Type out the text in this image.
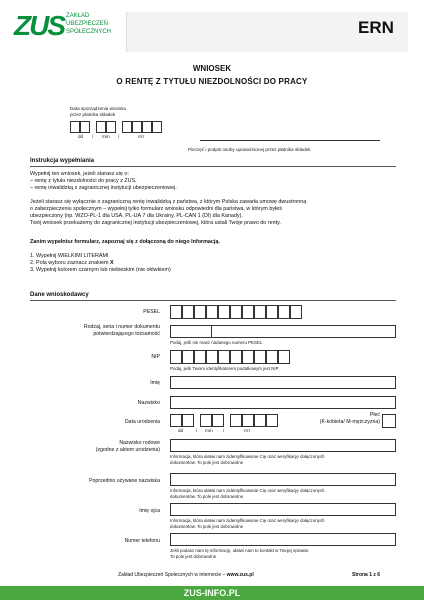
ZUS ZAKŁAD
UBEZPIECZEŃ
SPOŁECZNYCH	ERN
WNIOSEK
O RENTĘ Z TYTUŁU NIEZDOLNOŚCI DO PRACY
Data sporządzenia wniosku
przez płatnika składek
dd / mm /	rrrr
Pieczęć i podpis osoby upoważnionej przez płatnika składek
Instrukcja wypełniania
Wypełnij ten wniosek, jeżeli starasz się o:
– rentę z tytułu niezdolności do pracy z ZUS,
– rentę inwalidzką z zagranicznej instytucji ubezpieczeniowej.
Jeżeli starasz się wyłącznie o zagraniczną rentę inwalidzką z państwa, z którym Polska zawarła umowę dwustronną
o zabezpieczeniu społecznym – wypełnij tylko formularz wniosku odpowiedni dla państwa, w którym byłeś
ubezpieczony (np. WZO-PL-1 dla USA, PL-UA 7 dla Ukrainy, PL-CAN 1 (DI) dla Kanady).
Twój wniosek przekażemy do zagranicznej instytucji ubezpieczeniowej, która ustali Twoje prawo do renty.
Zanim wypełnisz formularz, zapoznaj się z dołączoną do niego Informacją.
1. Wypełnij WIELKIMI LITERAMI
2. Pola wyboru zaznacz znakiem X
3. Wypełnij kolorem czarnym lub niebieskim (nie ołówkiem)
Dane wnioskodawcy
PESEL
Rodzaj, seria i numer dokumentu
potwierdzającego tożsamość
Podaj, jeśli nie masz nadanego numeru PESEL
NIP
Podaj, jeśli Twoim identyfikatorem podatkowym jest NIP
Imię
Nazwisko
Data urodzenia
dd	/ mm /	rrrr
Płeć
(K-kobieta/ M-mężczyzna)
Nazwisko rodowe
(zgodne z aktem urodzenia)
Informacja, która ułatwi nam zidentyfikowanie Cię oraz weryfikację dołączonych
dokumentów. To pole jest dobrowolne
Poprzednio używane nazwiska
Informacja, która ułatwi nam zidentyfikowanie Cię oraz weryfikację dołączonych
dokumentów. To pole jest dobrowolne
Imię ojca
Informacja, która ułatwi nam zidentyfikowanie Cię oraz weryfikację dołączonych
dokumentów. To pole jest dobrowolne
Numer telefonu
Jeśli podasz nam tę informację, ułatwi nam to kontakt w Twojej sprawie.
To pole jest dobrowolne
Zakład Ubezpieczeń Społecznych w internecie – www.zus.pl	Strona 1 z 6
ZUS-INFO.PL
